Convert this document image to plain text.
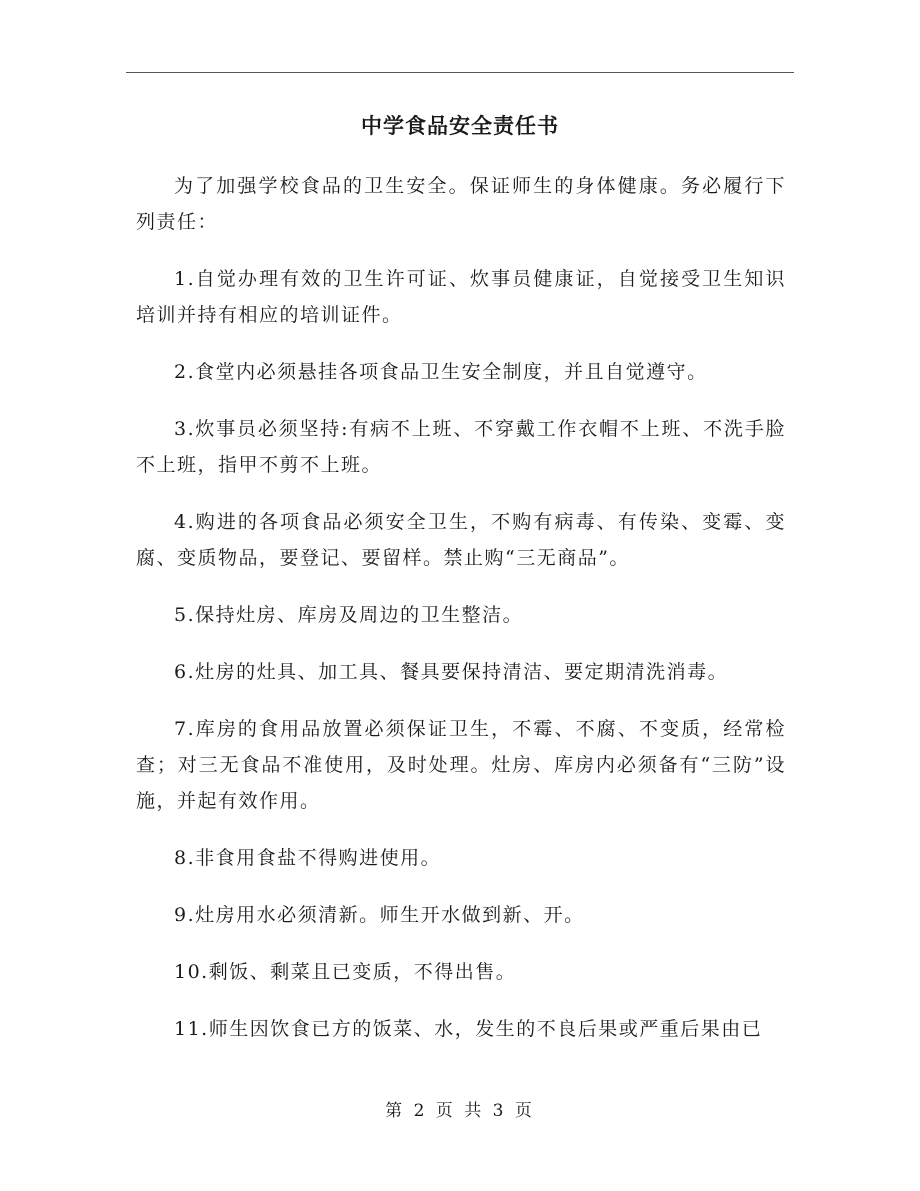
中学食品安全责任书

为了加强学校食品的卫生安全。保证师生的身体健康。务必履行下列责任：

1.自觉办理有效的卫生许可证、炊事员健康证，自觉接受卫生知识培训并持有相应的培训证件。

2.食堂内必须悬挂各项食品卫生安全制度，并且自觉遵守。

3.炊事员必须坚持:有病不上班、不穿戴工作衣帽不上班、不洗手脸不上班，指甲不剪不上班。

4.购进的各项食品必须安全卫生，不购有病毒、有传染、变霉、变腐、变质物品，要登记、要留样。禁止购“三无商品”。

5.保持灶房、库房及周边的卫生整洁。

6.灶房的灶具、加工具、餐具要保持清洁、要定期清洗消毒。

7.库房的食用品放置必须保证卫生，不霉、不腐、不变质，经常检查；对三无食品不准使用，及时处理。灶房、库房内必须备有“三防”设施，并起有效作用。

8.非食用食盐不得购进使用。

9.灶房用水必须清新。师生开水做到新、开。

10.剩饭、剩菜且已变质，不得出售。

11.师生因饮食已方的饭菜、水，发生的不良后果或严重后果由已

第 2 页 共 3 页
